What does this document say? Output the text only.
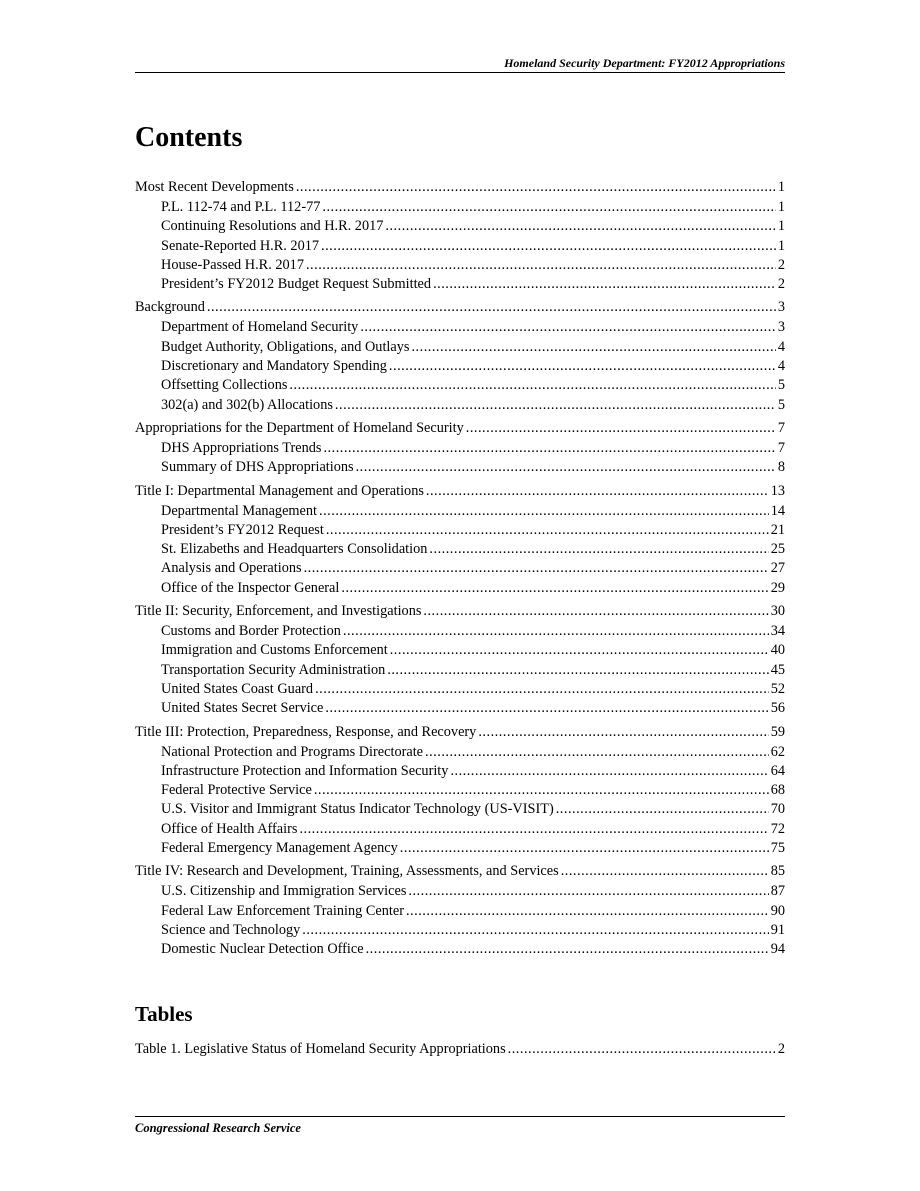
Homeland Security Department: FY2012 Appropriations
Contents
Most Recent Developments .....	1
P.L. 112-74 and P.L. 112-77 .....	1
Continuing Resolutions and H.R. 2017 .....	1
Senate-Reported H.R. 2017 .....	1
House-Passed H.R. 2017 .....	2
President’s FY2012 Budget Request Submitted .....	2
Background .....	3
Department of Homeland Security .....	3
Budget Authority, Obligations, and Outlays .....	4
Discretionary and Mandatory Spending .....	4
Offsetting Collections .....	5
302(a) and 302(b) Allocations .....	5
Appropriations for the Department of Homeland Security .....	7
DHS Appropriations Trends .....	7
Summary of DHS Appropriations .....	8
Title I: Departmental Management and Operations .....	13
Departmental Management .....	14
President’s FY2012 Request .....	21
St. Elizabeths and Headquarters Consolidation .....	25
Analysis and Operations .....	27
Office of the Inspector General .....	29
Title II: Security, Enforcement, and Investigations .....	30
Customs and Border Protection .....	34
Immigration and Customs Enforcement .....	40
Transportation Security Administration .....	45
United States Coast Guard .....	52
United States Secret Service .....	56
Title III: Protection, Preparedness, Response, and Recovery .....	59
National Protection and Programs Directorate .....	62
Infrastructure Protection and Information Security .....	64
Federal Protective Service .....	68
U.S. Visitor and Immigrant Status Indicator Technology (US-VISIT) .....	70
Office of Health Affairs .....	72
Federal Emergency Management Agency .....	75
Title IV: Research and Development, Training, Assessments, and Services .....	85
U.S. Citizenship and Immigration Services .....	87
Federal Law Enforcement Training Center .....	90
Science and Technology .....	91
Domestic Nuclear Detection Office .....	94
Tables
Table 1. Legislative Status of Homeland Security Appropriations .....	2
Congressional Research Service
